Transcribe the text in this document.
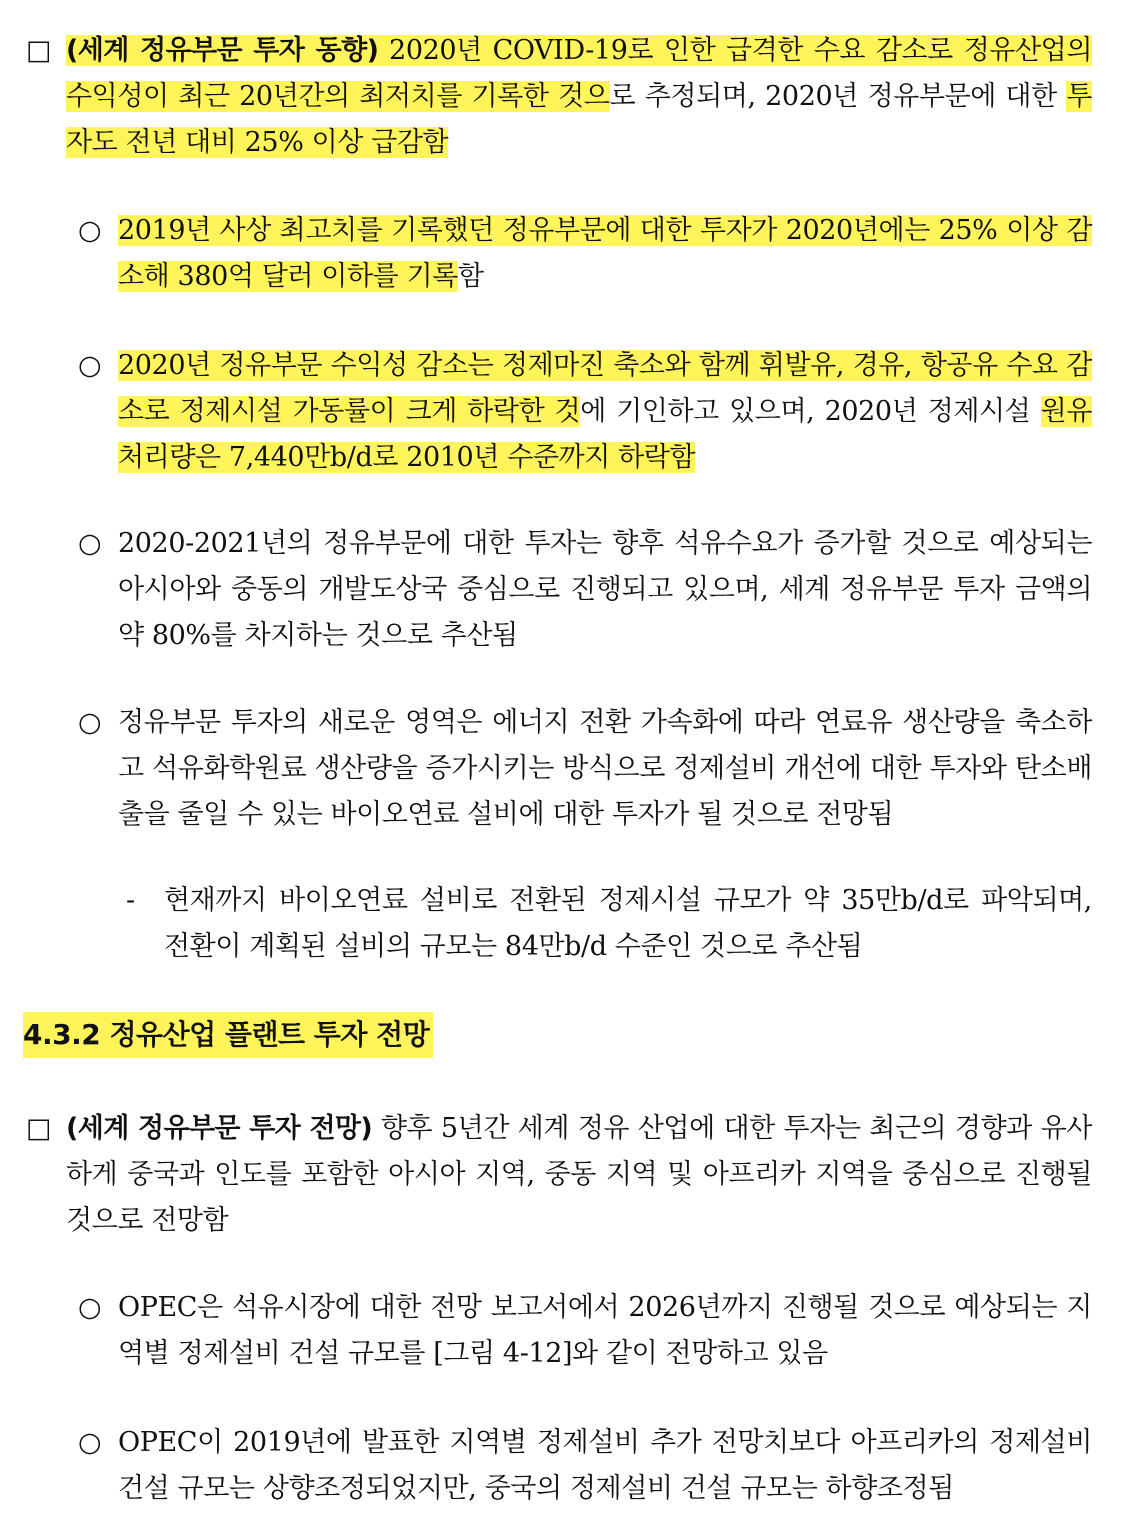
□ (세계 정유부문 투자 동향) 2020년 COVID-19로 인한 급격한 수요 감소로 정유산업의 수익성이 최근 20년간의 최저치를 기록한 것으로 추정되며, 2020년 정유부문에 대한 투자도 전년 대비 25% 이상 급감함
○ 2019년 사상 최고치를 기록했던 정유부문에 대한 투자가 2020년에는 25% 이상 감소해 380억 달러 이하를 기록함
○ 2020년 정유부문 수익성 감소는 정제마진 축소와 함께 휘발유, 경유, 항공유 수요 감소로 정제시설 가동률이 크게 하락한 것에 기인하고 있으며, 2020년 정제시설 원유처리량은 7,440만b/d로 2010년 수준까지 하락함
○ 2020-2021년의 정유부문에 대한 투자는 향후 석유수요가 증가할 것으로 예상되는 아시아와 중동의 개발도상국 중심으로 진행되고 있으며, 세계 정유부문 투자 금액의 약 80%를 차지하는 것으로 추산됨
○ 정유부문 투자의 새로운 영역은 에너지 전환 가속화에 따라 연료유 생산량을 축소하고 석유화학원료 생산량을 증가시키는 방식으로 정제설비 개선에 대한 투자와 탄소배출을 줄일 수 있는 바이오연료 설비에 대한 투자가 될 것으로 전망됨
-	현재까지 바이오연료 설비로 전환된 정제시설 규모가 약 35만b/d로 파악되며, 전환이 계획된 설비의 규모는 84만b/d 수준인 것으로 추산됨
4.3.2 정유산업 플랜트 투자 전망
□ (세계 정유부문 투자 전망) 향후 5년간 세계 정유 산업에 대한 투자는 최근의 경향과 유사하게 중국과 인도를 포함한 아시아 지역, 중동 지역 및 아프리카 지역을 중심으로 진행될 것으로 전망함
○ OPEC은 석유시장에 대한 전망 보고서에서 2026년까지 진행될 것으로 예상되는 지역별 정제설비 건설 규모를 [그림 4-12]와 같이 전망하고 있음
○ OPEC이 2019년에 발표한 지역별 정제설비 추가 전망치보다 아프리카의 정제설비 건설 규모는 상향조정되었지만, 중국의 정제설비 건설 규모는 하향조정됨
